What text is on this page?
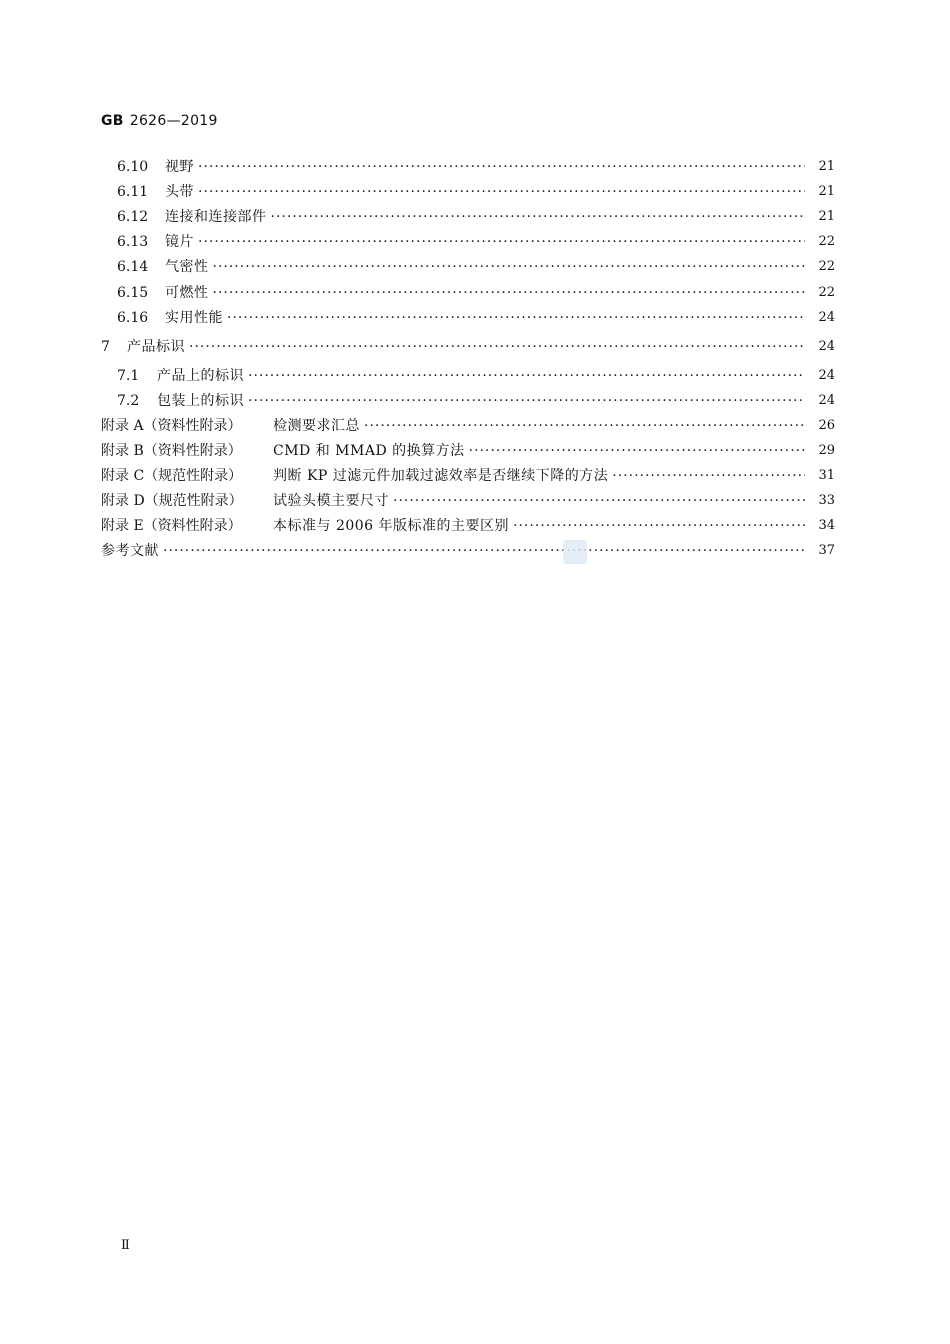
GB 2626—2019
6.10	视野 ·····	21
6.11	头带 ·····	21
6.12	连接和连接部件 ·····	21
6.13	镜片 ·····	22
6.14	气密性 ·····	22
6.15	可燃性 ·····	22
6.16	实用性能 ·····	24
7	产品标识 ·····	24
7.1	产品上的标识 ·····	24
7.2	包装上的标识 ·····	24
附录 A（资料性附录）	检测要求汇总 ·····	26
附录 B（资料性附录）	CMD 和 MMAD 的换算方法 ·····	29
附录 C（规范性附录）	判断 KP 过滤元件加载过滤效率是否继续下降的方法 ·····	31
附录 D（规范性附录）	试验头模主要尺寸 ·····	33
附录 E（资料性附录）	本标准与 2006 年版标准的主要区别 ·····	34
参考文献 ·····	37
Ⅱ
